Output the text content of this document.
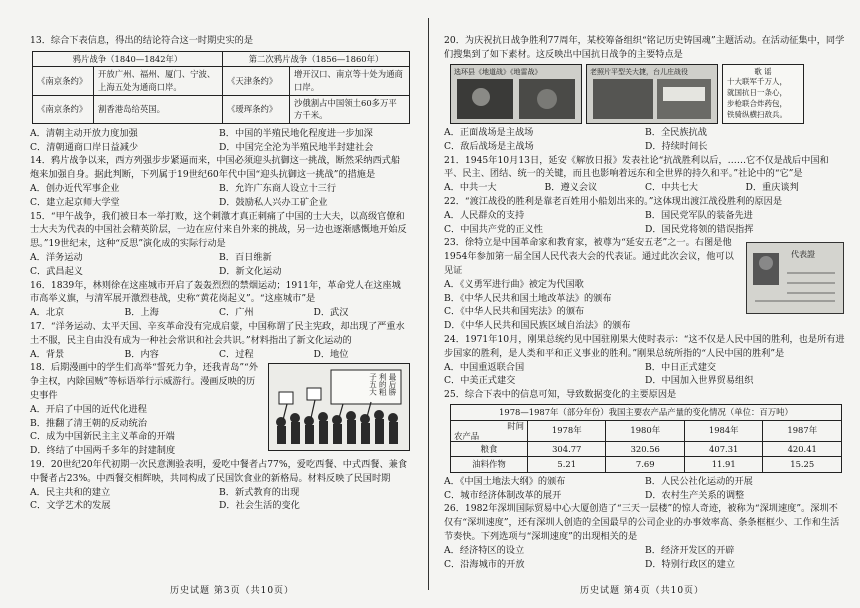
13．综合下表信息，得出的结论符合这一时期史实的是
鸦片战争（1840—1842年）		第二次鸦片战争（1856—1860年）	
《南京条约》	开放广州、福州、厦门、宁波、上海五处为通商口岸。	《天津条约》	增开汉口、南京等十处为通商口岸。
《南京条约》	割香港岛给英国。	《瑷珲条约》	沙俄割占中国领土60多万平方千米。
A．清朝主动开放力度加强	B．中国的半殖民地化程度进一步加深
C．清朝通商口岸日益减少	D．中国完全沦为半殖民地半封建社会
14．鸦片战争以来，西方列强步步紧逼而来，中国必须迎头抗御这一挑战，断然采纳西式船炮来加强自身。据此判断，下列属于19世纪60年代中国“迎头抗御这一挑战”的措施是
A．创办近代军事企业	B．允许广东商人设立十三行
C．建立起京师大学堂	D．鼓励私人兴办工矿企业
15．“甲午战争，我们被日本一举打败，这个刺激才真正刺痛了中国的士大夫，以高级官僚和士大夫为代表的中国社会精英阶层，一边在应付来自外来的挑战，另一边也逐渐感慨地开始反思。”19世纪末，这种“反思”演化成的实际行动是
A．洋务运动	B．百日维新
C．武昌起义	D．新文化运动
16．1839年，林则徐在这座城市开启了轰轰烈烈的禁烟运动；1911年，革命党人在这座城市高举义旗，与清军展开激烈巷战，史称“黄花岗起义”。“这座城市”是
A．北京	B．上海	C．广州	D．武汉
17．“洋务运动、太平天国、辛亥革命没有完成启蒙，中国称谓了民主宪政，却出现了严重水土不服，民主自由没有成为一种社会常识和社会共识。”材料指出了新文化运动的
A．背景	B．内容	C．过程	D．地位
18．后期漫画中的学生们高举“誓死力争，还我青岛”“外争主权，内除国贼”等标语举行示威游行。漫画反映的历史事件
A．开启了中国的近代化进程
B．推翻了清王朝的反动统治
C．成为中国新民主主义革命的开端
D．终结了中国两千多年的封建制度
最后勝利的粗子五大
19．20世纪20年代初期一次民意测验表明，爱吃中餐者占77%，爱吃西餐、中式西餐、兼食中餐者占23%。中西餐交相辉映，共同构成了民国饮食业的新格局。材料反映了民国时期
A．民主共和的建立	B．新式教育的出现
C．文学艺术的发展	D．社会生活的变化
历史试题 第3页（共10页）
20．为庆祝抗日战争胜利77周年，某校筹备组织“铭记历史铸国魂”主题活动。在活动征集中，同学们搜集到了如下素材。这反映出中国抗日战争的主要特点是
选环县《地道战》《地雷战》	老照片平型关大捷，台儿庄战役	歌 谣
十大联军千万人，
就国抗日一条心，
步枪联合炸药包，
铁骑纵横扫敌兵。
A．正面战场是主战场	B．全民族抗战
C．敌后战场是主战场	D．持续时间长
21．1945年10月13日，延安《解放日报》发表社论“抗战胜利以后，……它不仅是战后中国和平、民主、团结、统一的关键，而且也影响着远东和全世界的持久和平。”社论中的“它”是
A．中共一大	B．遵义会议	C．中共七大	D．重庆谈判
22．“渡江战役的胜利是靠老百姓用小船划出来的。”这体现出渡江战役胜利的原因是
A．人民群众的支持	B．国民党军队的装备先进
C．中国共产党的正义性	D．国民党将领的错误指挥
23．徐特立是中国革命家和教育家，被尊为“延安五老”之一。右图是他1954年参加第一届全国人民代表大会的代表证。通过此次会议，他可以见证
A．《义勇军进行曲》被定为代国歌
B．《中华人民共和国土地改革法》的颁布
C．《中华人民共和国宪法》的颁布
D．《中华人民共和国民族区域自治法》的颁布
代表證
24．1971年10月，刚果总统约见中国驻刚果大使时表示：“这不仅是人民中国的胜利，也是所有进步国家的胜利，是人类和平和正义事业的胜利。”刚果总统所指的“人民中国的胜利”是
A．中国重返联合国	B．中日正式建交
C．中美正式建交	D．中国加入世界贸易组织
25．综合下表中的信息可知，导致数据变化的主要原因是
1978—1987年（部分年份）我国主要农产品产量的变化情况（单位：百万吨）				

时间
农产品	1978年	1980年	1984年	1987年
粮食	304.77	320.56	407.31	420.41
油料作物	5.21	7.69	11.91	15.25
A．《中国土地法大纲》的颁布	B．人民公社化运动的开展
C．城市经济体制改革的展开	D．农村生产关系的调整
26．1982年深圳国际贸易中心大厦创造了“三天一层楼”的惊人奇迹，被称为“深圳速度”。深圳不仅有“深圳速度”，还有深圳人创造的全国最早的公司企业的办事效率高、条条框框少、工作和生活节奏快。下列选项与“深圳速度”的出现相关的是
A．经济特区的设立	B．经济开发区的开辟
C．沿海城市的开放	D．特别行政区的建立
历史试题 第4页（共10页）
